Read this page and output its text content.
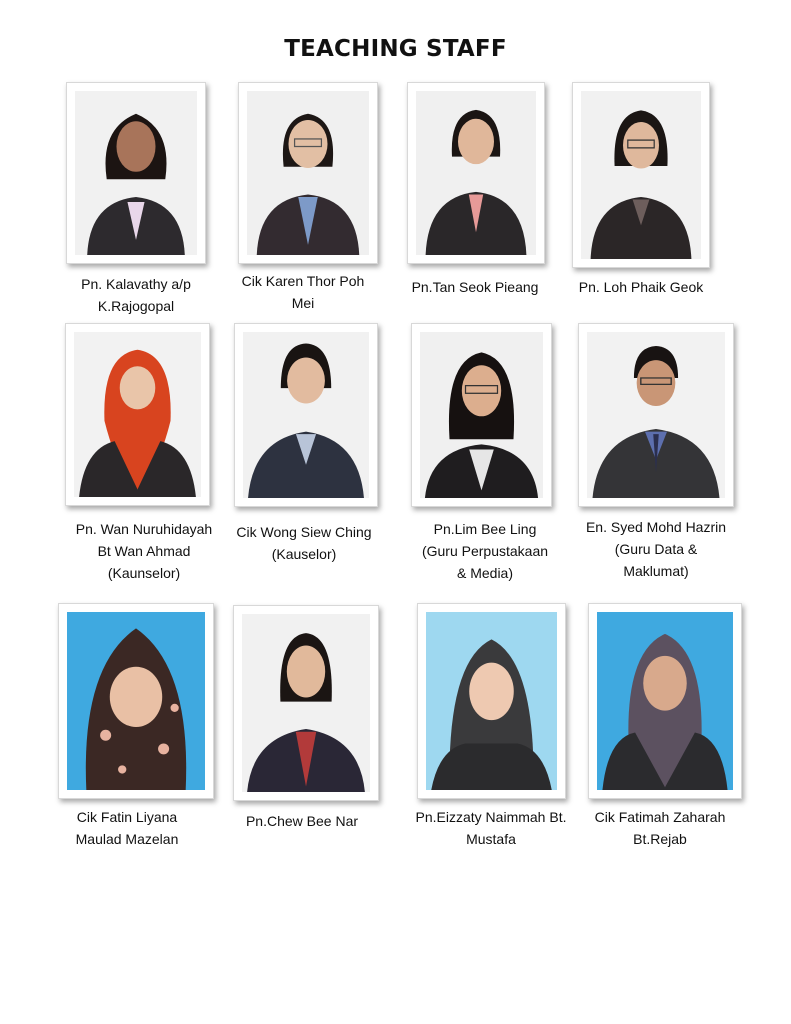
TEACHING STAFF
Pn. Kalavathy a/p
K.Rajogopal
Cik Karen Thor Poh
Mei
Pn.Tan Seok Pieang	Pn. Loh Phaik Geok
Pn. Wan Nuruhidayah
Bt Wan Ahmad
(Kaunselor)
Cik Wong Siew Ching
(Kauselor)
Pn.Lim Bee Ling
(Guru Perpustakaan
& Media)
En. Syed Mohd Hazrin
(Guru Data &
Maklumat)
Cik Fatin Liyana
Maulad Mazelan
Pn.Chew Bee Nar	Pn.Eizzaty Naimmah Bt.
Mustafa
Cik Fatimah Zaharah
Bt.Rejab
